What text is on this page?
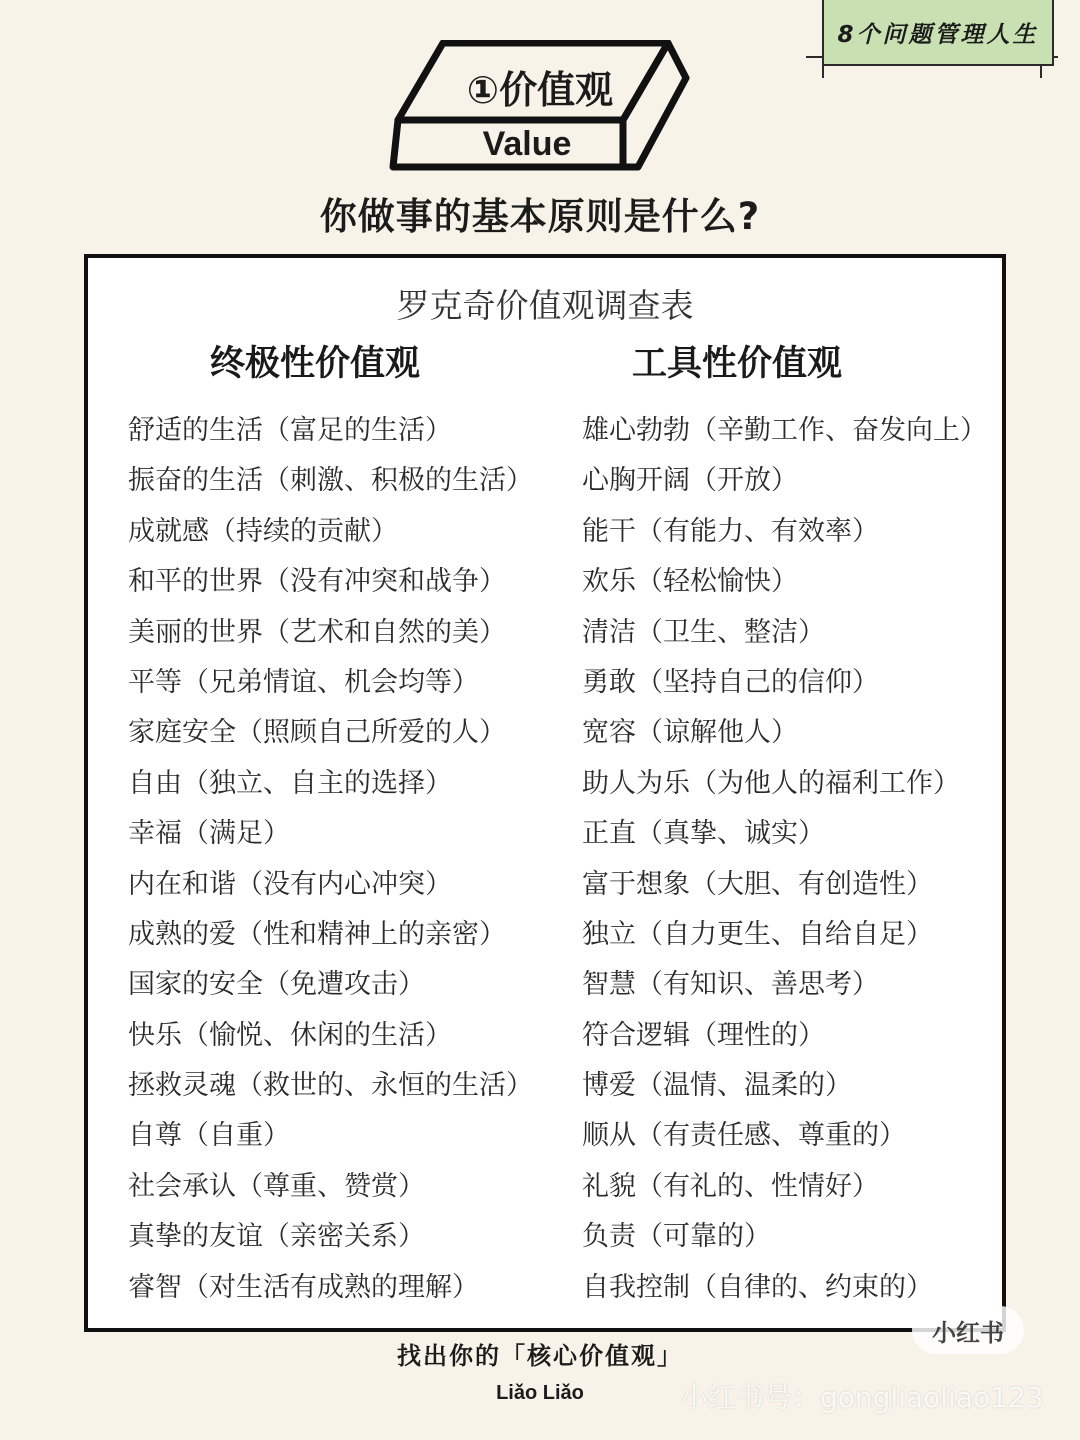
8个问题管理人生
①价值观
Value
你做事的基本原则是什么?
罗克奇价值观调查表
终极性价值观	工具性价值观
舒适的生活（富足的生活）
振奋的生活（刺激、积极的生活）
成就感（持续的贡献）
和平的世界（没有冲突和战争）
美丽的世界（艺术和自然的美）
平等（兄弟情谊、机会均等）
家庭安全（照顾自己所爱的人）
自由（独立、自主的选择）
幸福（满足）
内在和谐（没有内心冲突）
成熟的爱（性和精神上的亲密）
国家的安全（免遭攻击）
快乐（愉悦、休闲的生活）
拯救灵魂（救世的、永恒的生活）
自尊（自重）
社会承认（尊重、赞赏）
真挚的友谊（亲密关系）
睿智（对生活有成熟的理解）
雄心勃勃（辛勤工作、奋发向上）
心胸开阔（开放）
能干（有能力、有效率）
欢乐（轻松愉快）
清洁（卫生、整洁）
勇敢（坚持自己的信仰）
宽容（谅解他人）
助人为乐（为他人的福利工作）
正直（真挚、诚实）
富于想象（大胆、有创造性）
独立（自力更生、自给自足）
智慧（有知识、善思考）
符合逻辑（理性的）
博爱（温情、温柔的）
顺从（有责任感、尊重的）
礼貌（有礼的、性情好）
负责（可靠的）
自我控制（自律的、约束的）
小红书
找出你的「核心价值观」
Liǎo Liǎo	小红书号：gongliaoliao123
